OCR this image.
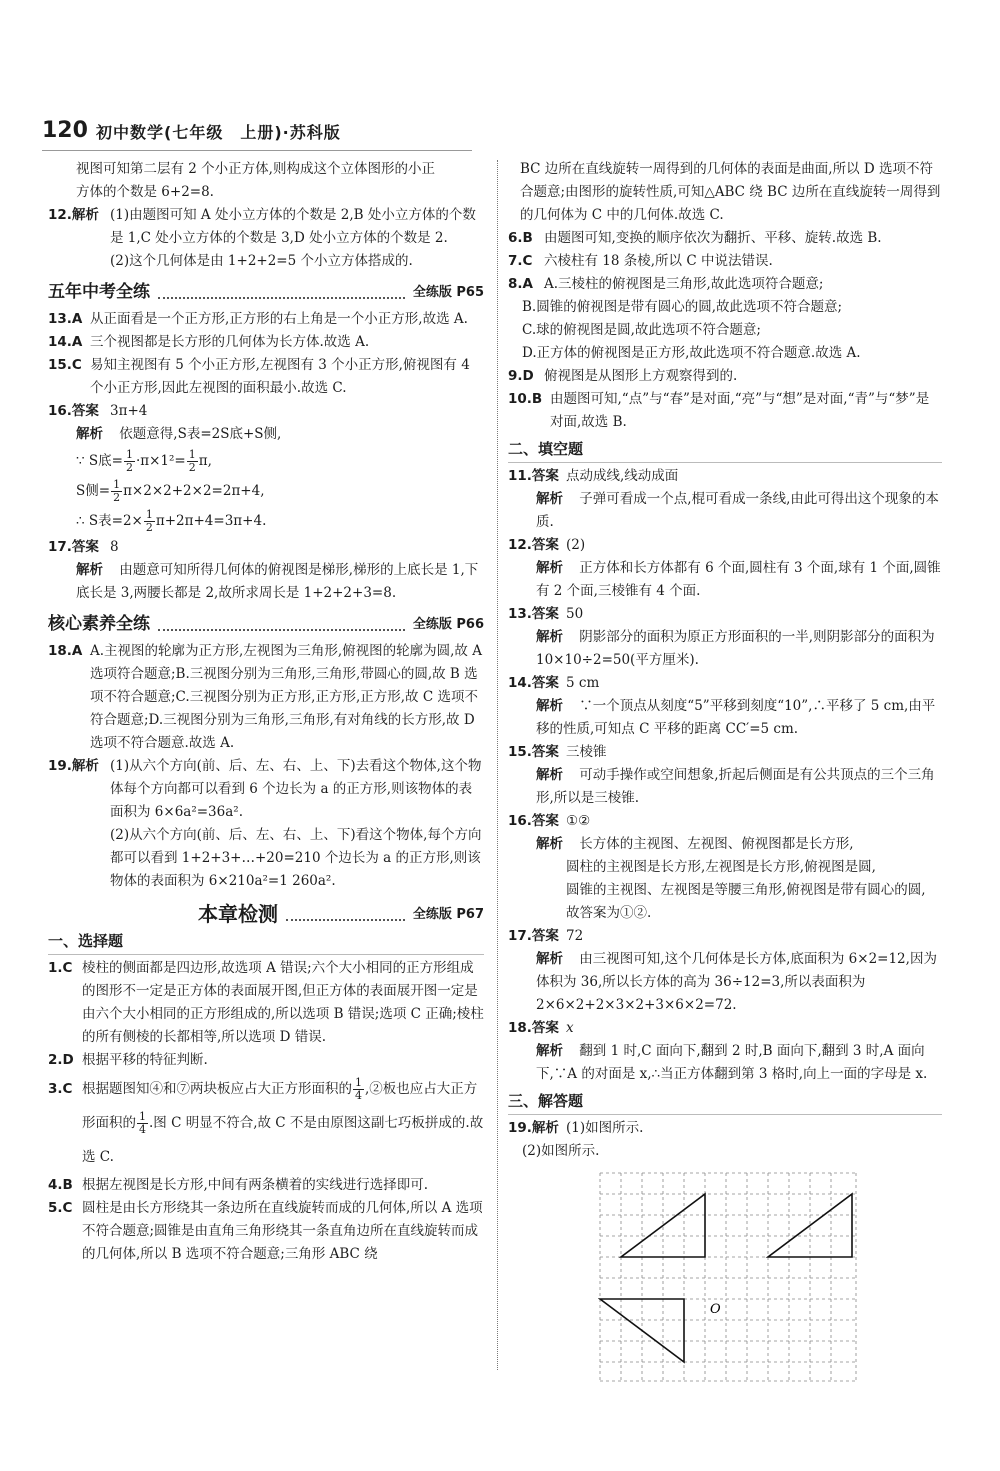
120 初中数学(七年级　上册)·苏科版

视图可知第二层有 2 个小正方体,则构成这个立体图形的小正

方体的个数是 6+2=8.

12.解析 (1)由题图可知 A 处小立方体的个数是 2,B 处小立方体的个数是 1,C 处小立方体的个数是 3,D 处小立方体的个数是 2.
(2)这个几何体是由 1+2+2=5 个小立方体搭成的.
五年中考全练	全练版 P65
13.A 从正面看是一个正方形,正方形的右上角是一个小正方形,故选 A.
14.A 三个视图都是长方形的几何体为长方体.故选 A.
15.C 易知主视图有 5 个小正方形,左视图有 3 个小正方形,俯视图有 4 个小正方形,因此左视图的面积最小.故选 C.
16.答案 3π+4
解析 依题意得,S表=2S底+S侧,
∵ S底= $\frac{1}{2} \cdot\pi\times 1^2= \frac{1}{2} \pi$,
S侧= $\frac{1}{2} \pi\times 2\times 2+2\times 2=2\pi+4$,
∴ S表$=2\times \frac{1}{2} \pi+2\pi+4=3\pi+4$.
17.答案 8
解析 由题意可知所得几何体的俯视图是梯形,梯形的上底长是 1,下底长是 3,两腰长都是 2,故所求周长是 1+2+2+3=8.
核心素养全练	全练版 P66
18.A A.主视图的轮廓为正方形,左视图为三角形,俯视图的轮廓为圆,故 A 选项符合题意;B.三视图分别为三角形,三角形,带圆心的圆,故 B 选项不符合题意;C.三视图分别为正方形,正方形,正方形,故 C 选项不符合题意;D.三视图分别为三角形,三角形,有对角线的长方形,故 D 选项不符合题意.故选 A.
19.解析 (1)从六个方向(前、后、左、右、上、下)去看这个物体,这个物体每个方向都可以看到 6 个边长为 a 的正方形,则该物体的表面积为 6×6a²=36a².
(2)从六个方向(前、后、左、右、上、下)看这个物体,每个方向都可以看到 1+2+3+…+20=210 个边长为 a 的正方形,则该物体的表面积为 6×210a²=1 260a².
本章检测	全练版 P67
一、选择题
1.C 棱柱的侧面都是四边形,故选项 A 错误;六个大小相同的正方形组成的图形不一定是正方体的表面展开图,但正方体的表面展开图一定是由六个大小相同的正方形组成的,所以选项 B 错误;选项 C 正确;棱柱的所有侧棱的长都相等,所以选项 D 错误.
2.D 根据平移的特征判断.
3.C 根据题图知④和⑦两块板应占大正方形面积的 $\frac{1}{4}$ ,②板也应占大正方形面积的 $\frac{1}{4}$ .图 C 明显不符合,故 C 不是由原图这副七巧板拼成的.故选 C.
4.B 根据左视图是长方形,中间有两条横着的实线进行选择即可.
5.C 圆柱是由长方形绕其一条边所在直线旋转而成的几何体,所以 A 选项不符合题意;圆锥是由直角三角形绕其一条直角边所在直线旋转而成的几何体,所以 B 选项不符合题意;三角形 ABC 绕

BC 边所在直线旋转一周得到的几何体的表面是曲面,所以 D 选项不符合题意;由图形的旋转性质,可知△ABC 绕 BC 边所在直线旋转一周得到的几何体为 C 中的几何体.故选 C.

6.B 由题图可知,变换的顺序依次为翻折、平移、旋转.故选 B.
7.C 六棱柱有 18 条棱,所以 C 中说法错误.
8.A A.三棱柱的俯视图是三角形,故此选项符合题意;

B.圆锥的俯视图是带有圆心的圆,故此选项不符合题意;

C.球的俯视图是圆,故此选项不符合题意;

D.正方体的俯视图是正方形,故此选项不符合题意.故选 A.

9.D 俯视图是从图形上方观察得到的.
10.B 由题图可知,“点”与“春”是对面,“亮”与“想”是对面,“青”与“梦”是对面,故选 B.
二、填空题
11.答案 点动成线,线动成面
解析 子弹可看成一个点,棍可看成一条线,由此可得出这个现象的本质.
12.答案 (2)
解析 正方体和长方体都有 6 个面,圆柱有 3 个面,球有 1 个面,圆锥有 2 个面,三棱锥有 4 个面.
13.答案 50
解析 阴影部分的面积为原正方形面积的一半,则阴影部分的面积为 10×10÷2=50(平方厘米).
14.答案 5 cm
解析 ∵一个顶点从刻度“5”平移到刻度“10”,∴平移了 5 cm,由平移的性质,可知点 C 平移的距离 CC′=5 cm.
15.答案 三棱锥
解析 可动手操作或空间想象,折起后侧面是有公共顶点的三个三角形,所以是三棱锥.
16.答案 ①②
解析 长方体的主视图、左视图、俯视图都是长方形,

圆柱的主视图是长方形,左视图是长方形,俯视图是圆,

圆锥的主视图、左视图是等腰三角形,俯视图是带有圆心的圆,

故答案为①②.

17.答案 72
解析 由三视图可知,这个几何体是长方体,底面积为 6×2=12,因为体积为 36,所以长方体的高为 36÷12=3,所以表面积为 2×6×2+2×3×2+3×6×2=72.
18.答案 x
解析 翻到 1 时,C 面向下,翻到 2 时,B 面向下,翻到 3 时,A 面向下,∵A 的对面是 x,∴当正方体翻到第 3 格时,向上一面的字母是 x.
三、解答题
19.解析 (1)如图所示.

(2)如图所示.

O
